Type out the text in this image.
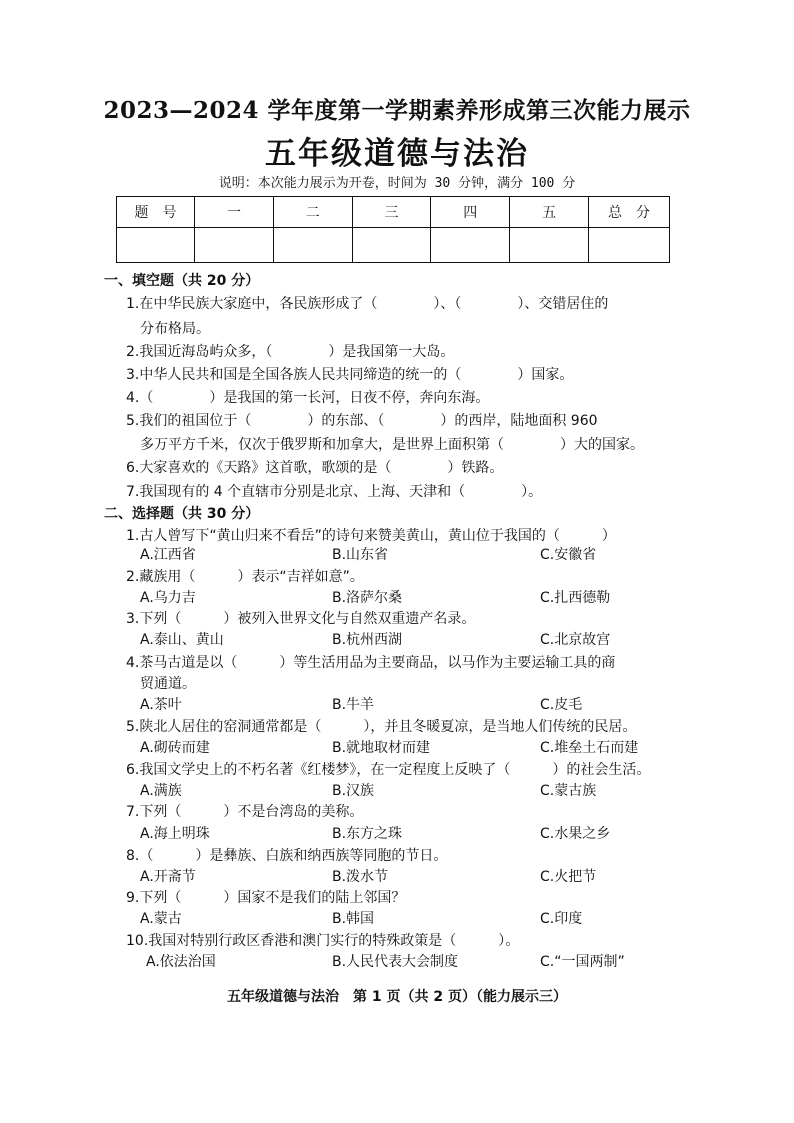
2023—2024 学年度第一学期素养形成第三次能力展示
五年级道德与法治
说明：本次能力展示为开卷，时间为 30 分钟，满分 100 分
题　号	一	二	三	四	五	总　分

一、填空题（共 20 分）
1.在中华民族大家庭中，各民族形成了（　　　　）、（　　　　）、交错居住的
分布格局。
2.我国近海岛屿众多，（　　　　）是我国第一大岛。
3.中华人民共和国是全国各族人民共同缔造的统一的（　　　　）国家。
4.（　　　　）是我国的第一长河，日夜不停，奔向东海。
5.我们的祖国位于（　　　　）的东部、（　　　　）的西岸，陆地面积 960
多万平方千米，仅次于俄罗斯和加拿大，是世界上面积第（　　　　）大的国家。
6.大家喜欢的《天路》这首歌，歌颂的是（　　　　）铁路。
7.我国现有的 4 个直辖市分别是北京、上海、天津和（　　　　）。
二、选择题（共 30 分）
1.古人曾写下“黄山归来不看岳”的诗句来赞美黄山，黄山位于我国的（　　　）
A.江西省	B.山东省	C.安徽省
2.藏族用（　　　）表示“吉祥如意”。
A.乌力吉	B.洛萨尔桑	C.扎西德勒
3.下列（　　　）被列入世界文化与自然双重遗产名录。
A.泰山、黄山	B.杭州西湖	C.北京故宫
4.茶马古道是以（　　　）等生活用品为主要商品，以马作为主要运输工具的商
贸通道。
A.茶叶	B.牛羊	C.皮毛
5.陕北人居住的窑洞通常都是（　　　），并且冬暖夏凉，是当地人们传统的民居。
A.砌砖而建	B.就地取材而建	C.堆垒土石而建
6.我国文学史上的不朽名著《红楼梦》，在一定程度上反映了（　　　）的社会生活。
A.满族	B.汉族	C.蒙古族
7.下列（　　　）不是台湾岛的美称。
A.海上明珠	B.东方之珠	C.水果之乡
8.（　　　）是彝族、白族和纳西族等同胞的节日。
A.开斋节	B.泼水节	C.火把节
9.下列（　　　）国家不是我们的陆上邻国？
A.蒙古	B.韩国	C.印度
10.我国对特别行政区香港和澳门实行的特殊政策是（　　　）。
A.依法治国	B.人民代表大会制度	C.“一国两制”
五年级道德与法治　第 1 页（共 2 页）（能力展示三）
